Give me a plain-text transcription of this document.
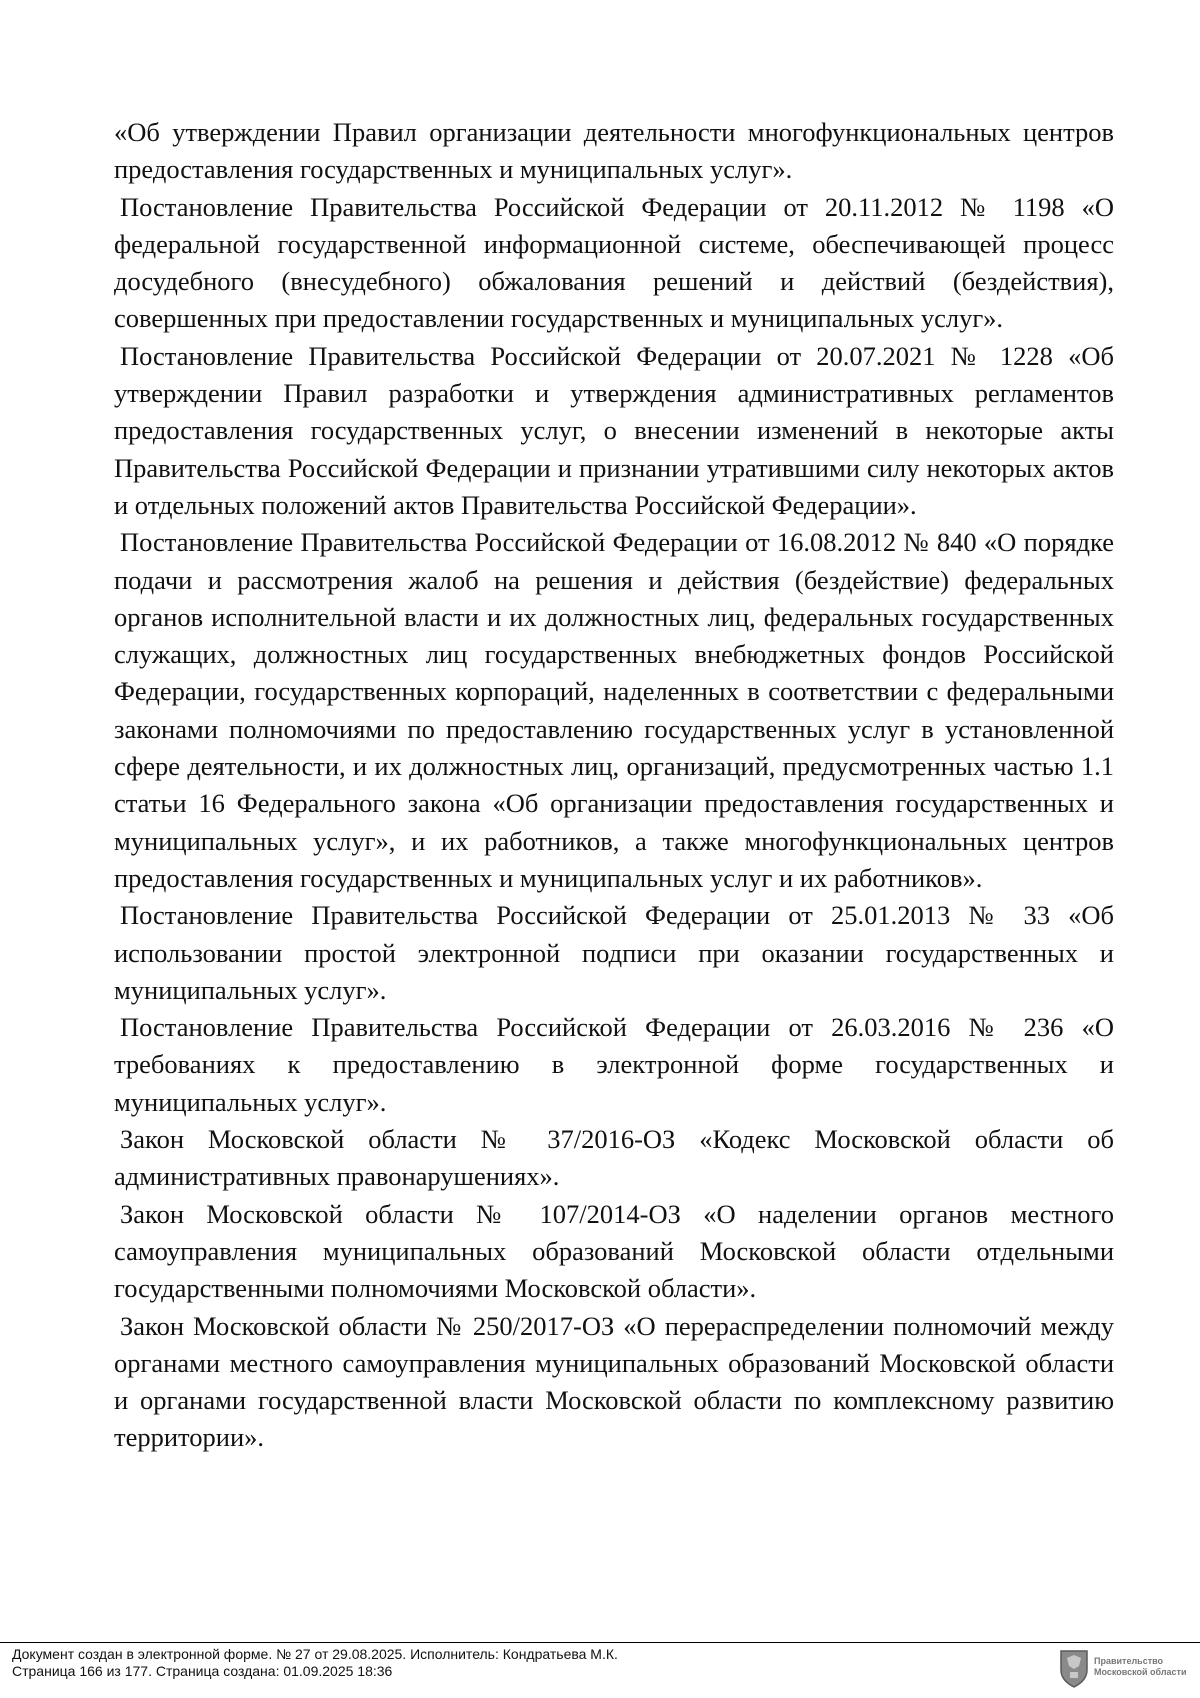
«Об утверждении Правил организации деятельности многофункциональных центров предоставления государственных и муниципальных услуг».

Постановление Правительства Российской Федерации от 20.11.2012 № 1198 «О федеральной государственной информационной системе, обеспечивающей процесс досудебного (внесудебного) обжалования решений и действий (бездействия), совершенных при предоставлении государственных и муниципальных услуг».

Постановление Правительства Российской Федерации от 20.07.2021 № 1228 «Об утверждении Правил разработки и утверждения административных регламентов предоставления государственных услуг, о внесении изменений в некоторые акты Правительства Российской Федерации и признании утратившими силу некоторых актов и отдельных положений актов Правительства Российской Федерации».

Постановление Правительства Российской Федерации от 16.08.2012 № 840 «О порядке подачи и рассмотрения жалоб на решения и действия (бездействие) федеральных органов исполнительной власти и их должностных лиц, федеральных государственных служащих, должностных лиц государственных внебюджетных фондов Российской Федерации, государственных корпораций, наделенных в соответствии с федеральными законами полномочиями по предоставлению государственных услуг в установленной сфере деятельности, и их должностных лиц, организаций, предусмотренных частью 1.1 статьи 16 Федерального закона «Об организации предоставления государственных и муниципальных услуг», и их работников, а также многофункциональных центров предоставления государственных и муниципальных услуг и их работников».

Постановление Правительства Российской Федерации от 25.01.2013 № 33 «Об использовании простой электронной подписи при оказании государственных и муниципальных услуг».

Постановление Правительства Российской Федерации от 26.03.2016 № 236 «О требованиях к предоставлению в электронной форме государственных и муниципальных услуг».

Закон Московской области № 37/2016-ОЗ «Кодекс Московской области об административных правонарушениях».

Закон Московской области № 107/2014-ОЗ «О наделении органов местного самоуправления муниципальных образований Московской области отдельными государственными полномочиями Московской области».

Закон Московской области № 250/2017-ОЗ «О перераспределении полномочий между органами местного самоуправления муниципальных образований Московской области и органами государственной власти Московской области по комплексному развитию территории».

Документ создан в электронной форме. № 27 от 29.08.2025. Исполнитель: Кондратьева М.К.
Страница 166 из 177. Страница создана: 01.09.2025 18:36
Правительство
Московской области
